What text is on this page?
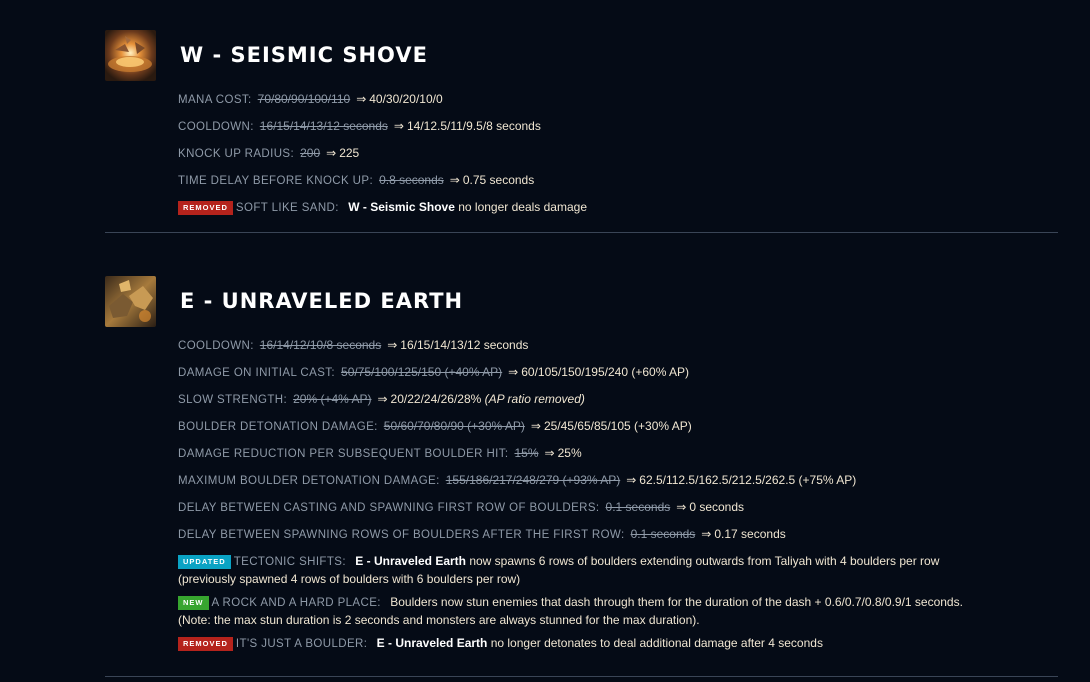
W - SEISMIC SHOVE

MANA COST: 70/80/90/100/110 ⇒ 40/30/20/10/0

COOLDOWN: 16/15/14/13/12 seconds ⇒ 14/12.5/11/9.5/8 seconds

KNOCK UP RADIUS: 200 ⇒ 225

TIME DELAY BEFORE KNOCK UP: 0.8 seconds ⇒ 0.75 seconds

REMOVED SOFT LIKE SAND: W - Seismic Shove no longer deals damage

E - UNRAVELED EARTH

COOLDOWN: 16/14/12/10/8 seconds ⇒ 16/15/14/13/12 seconds

DAMAGE ON INITIAL CAST: 50/75/100/125/150 (+40% AP) ⇒ 60/105/150/195/240 (+60% AP)

SLOW STRENGTH: 20% (+4% AP) ⇒ 20/22/24/26/28% (AP ratio removed)

BOULDER DETONATION DAMAGE: 50/60/70/80/90 (+30% AP) ⇒ 25/45/65/85/105 (+30% AP)

DAMAGE REDUCTION PER SUBSEQUENT BOULDER HIT: 15% ⇒ 25%

MAXIMUM BOULDER DETONATION DAMAGE: 155/186/217/248/279 (+93% AP) ⇒ 62.5/112.5/162.5/212.5/262.5 (+75% AP)

DELAY BETWEEN CASTING AND SPAWNING FIRST ROW OF BOULDERS: 0.1 seconds ⇒ 0 seconds

DELAY BETWEEN SPAWNING ROWS OF BOULDERS AFTER THE FIRST ROW: 0.1 seconds ⇒ 0.17 seconds

UPDATED TECTONIC SHIFTS: E - Unraveled Earth now spawns 6 rows of boulders extending outwards from Taliyah with 4 boulders per row (previously spawned 4 rows of boulders with 6 boulders per row)

NEW A ROCK AND A HARD PLACE: Boulders now stun enemies that dash through them for the duration of the dash + 0.6/0.7/0.8/0.9/1 seconds. (Note: the max stun duration is 2 seconds and monsters are always stunned for the max duration).

REMOVED IT'S JUST A BOULDER: E - Unraveled Earth no longer detonates to deal additional damage after 4 seconds
